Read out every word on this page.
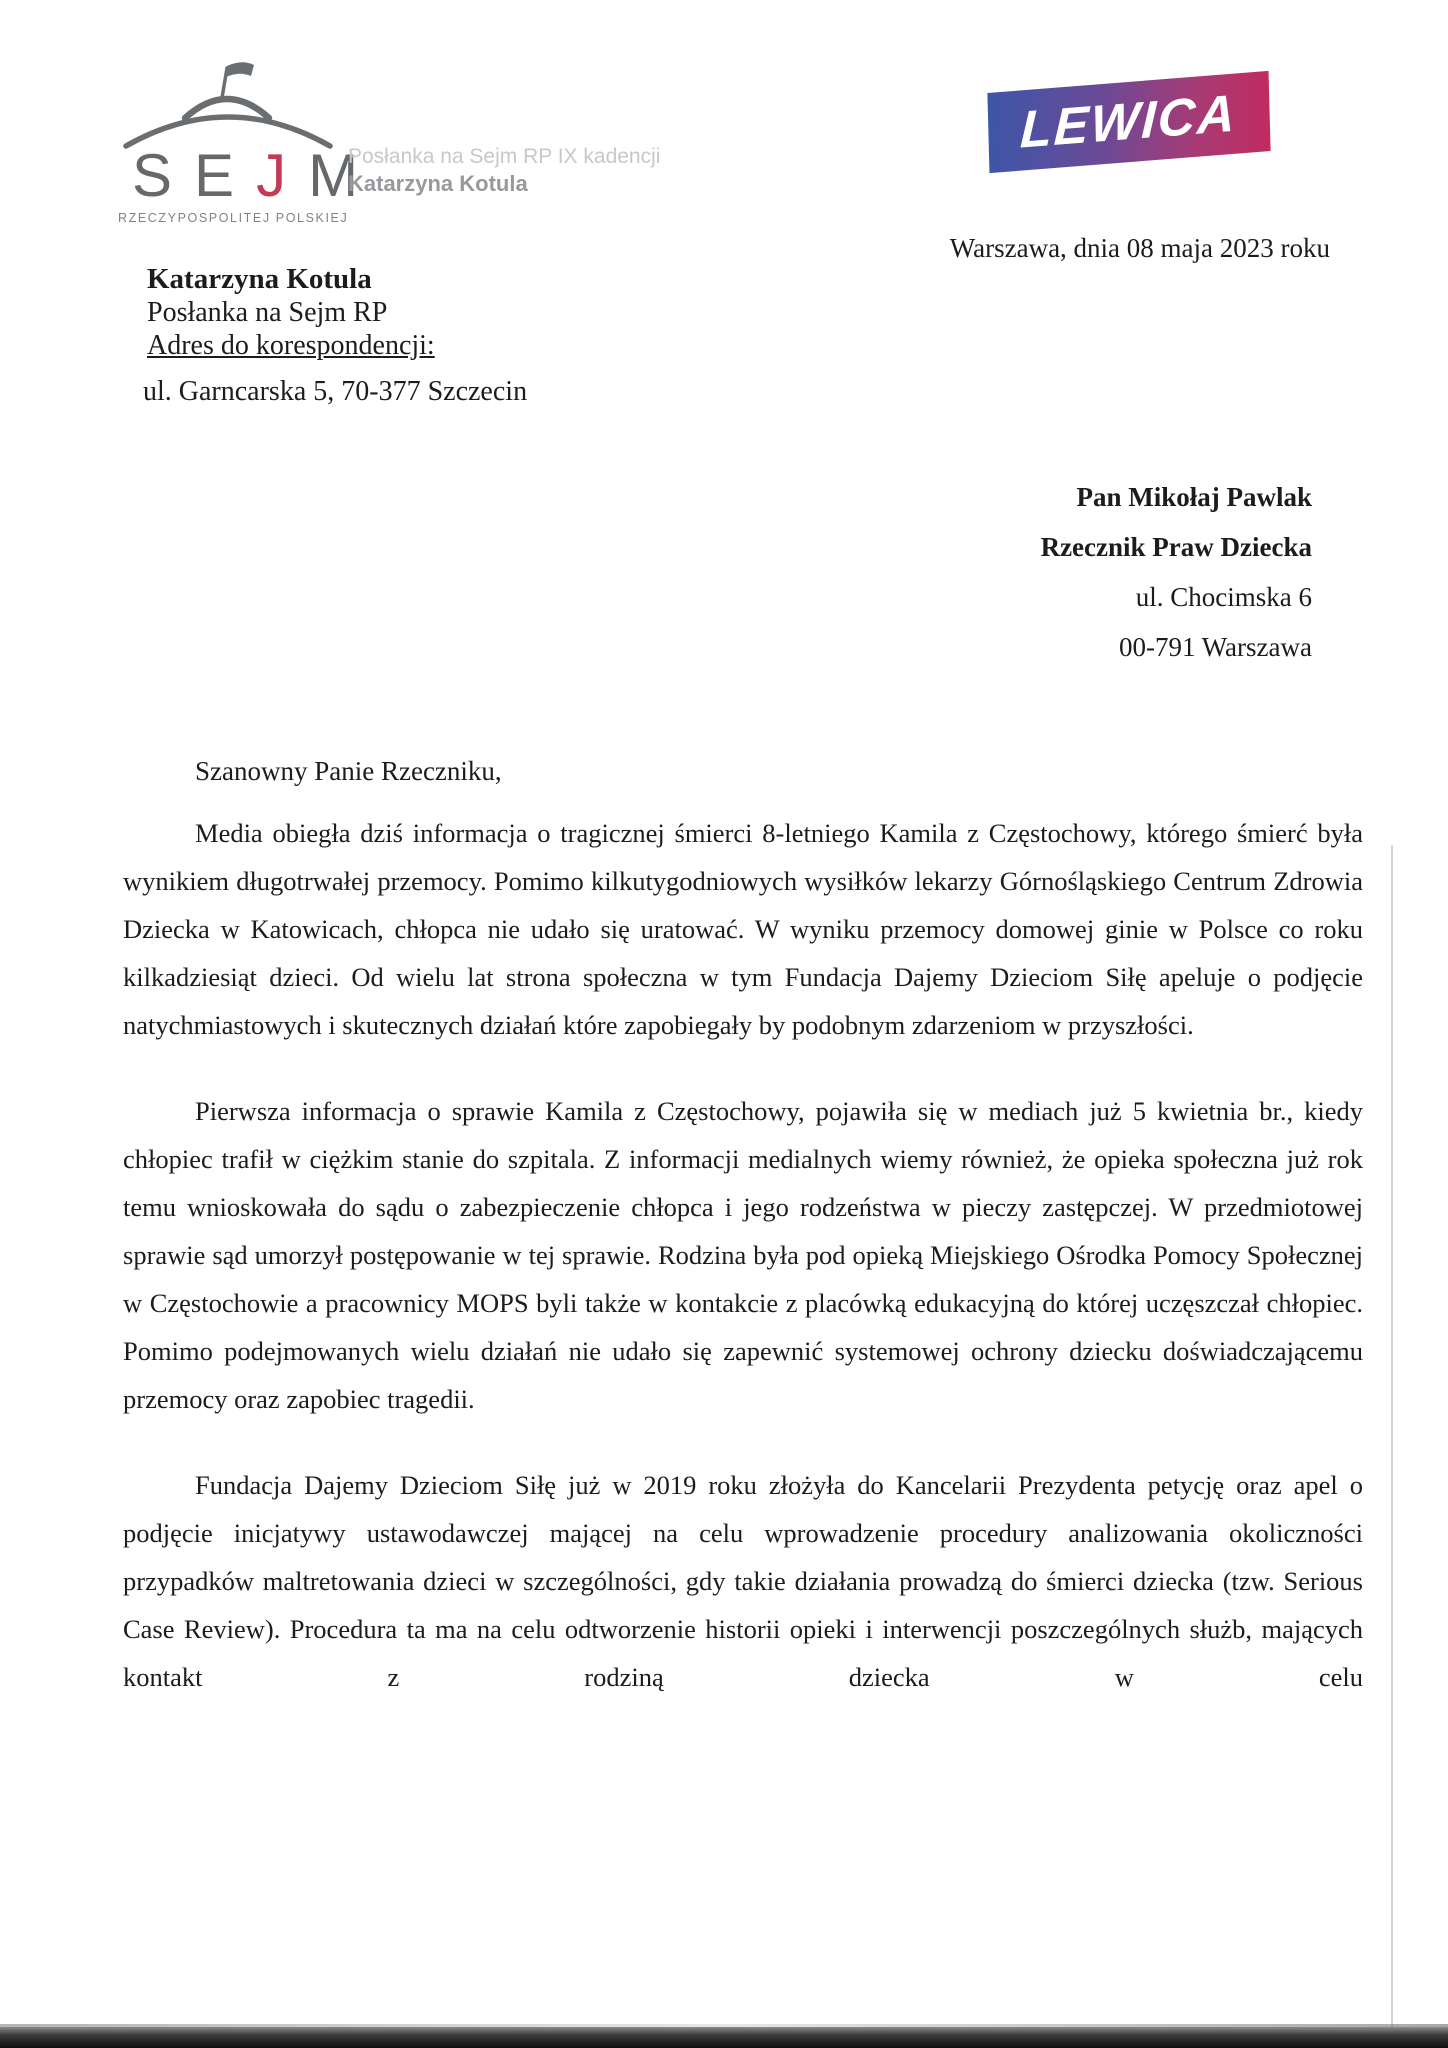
SEJM
RZECZYPOSPOLITEJ POLSKIEJ
Posłanka na Sejm RP IX kadencji
Katarzyna Kotula
LEWICA
Warszawa, dnia 08 maja 2023 roku
Katarzyna Kotula
Posłanka na Sejm RP
Adres do korespondencji:
ul. Garncarska 5, 70-377 Szczecin
Pan Mikołaj Pawlak
Rzecznik Praw Dziecka
ul. Chocimska 6
00-791 Warszawa
Szanowny Panie Rzeczniku,

Media obiegła dziś informacja o tragicznej śmierci 8-letniego Kamila z Częstochowy, którego śmierć była wynikiem długotrwałej przemocy. Pomimo kilkutygodniowych wysiłków lekarzy Górnośląskiego Centrum Zdrowia Dziecka w Katowicach, chłopca nie udało się uratować. W wyniku przemocy domowej ginie w Polsce co roku kilkadziesiąt dzieci. Od wielu lat strona społeczna w tym Fundacja Dajemy Dzieciom Siłę apeluje o podjęcie natychmiastowych i skutecznych działań które zapobiegały by podobnym zdarzeniom w przyszłości.

Pierwsza informacja o sprawie Kamila z Częstochowy, pojawiła się w mediach już 5 kwietnia br., kiedy chłopiec trafił w ciężkim stanie do szpitala. Z informacji medialnych wiemy również, że opieka społeczna już rok temu wnioskowała do sądu o zabezpieczenie chłopca i jego rodzeństwa w pieczy zastępczej. W przedmiotowej sprawie sąd umorzył postępowanie w tej sprawie. Rodzina była pod opieką Miejskiego Ośrodka Pomocy Społecznej w Częstochowie a pracownicy MOPS byli także w kontakcie z placówką edukacyjną do której uczęszczał chłopiec. Pomimo podejmowanych wielu działań nie udało się zapewnić systemowej ochrony dziecku doświadczającemu przemocy oraz zapobiec tragedii.

Fundacja Dajemy Dzieciom Siłę już w 2019 roku złożyła do Kancelarii Prezydenta petycję oraz apel o podjęcie inicjatywy ustawodawczej mającej na celu wprowadzenie procedury analizowania okoliczności przypadków maltretowania dzieci w szczególności, gdy takie działania prowadzą do śmierci dziecka (tzw. Serious Case Review). Procedura ta ma na celu odtworzenie historii opieki i interwencji poszczególnych służb, mających kontakt z rodziną dziecka w celu
